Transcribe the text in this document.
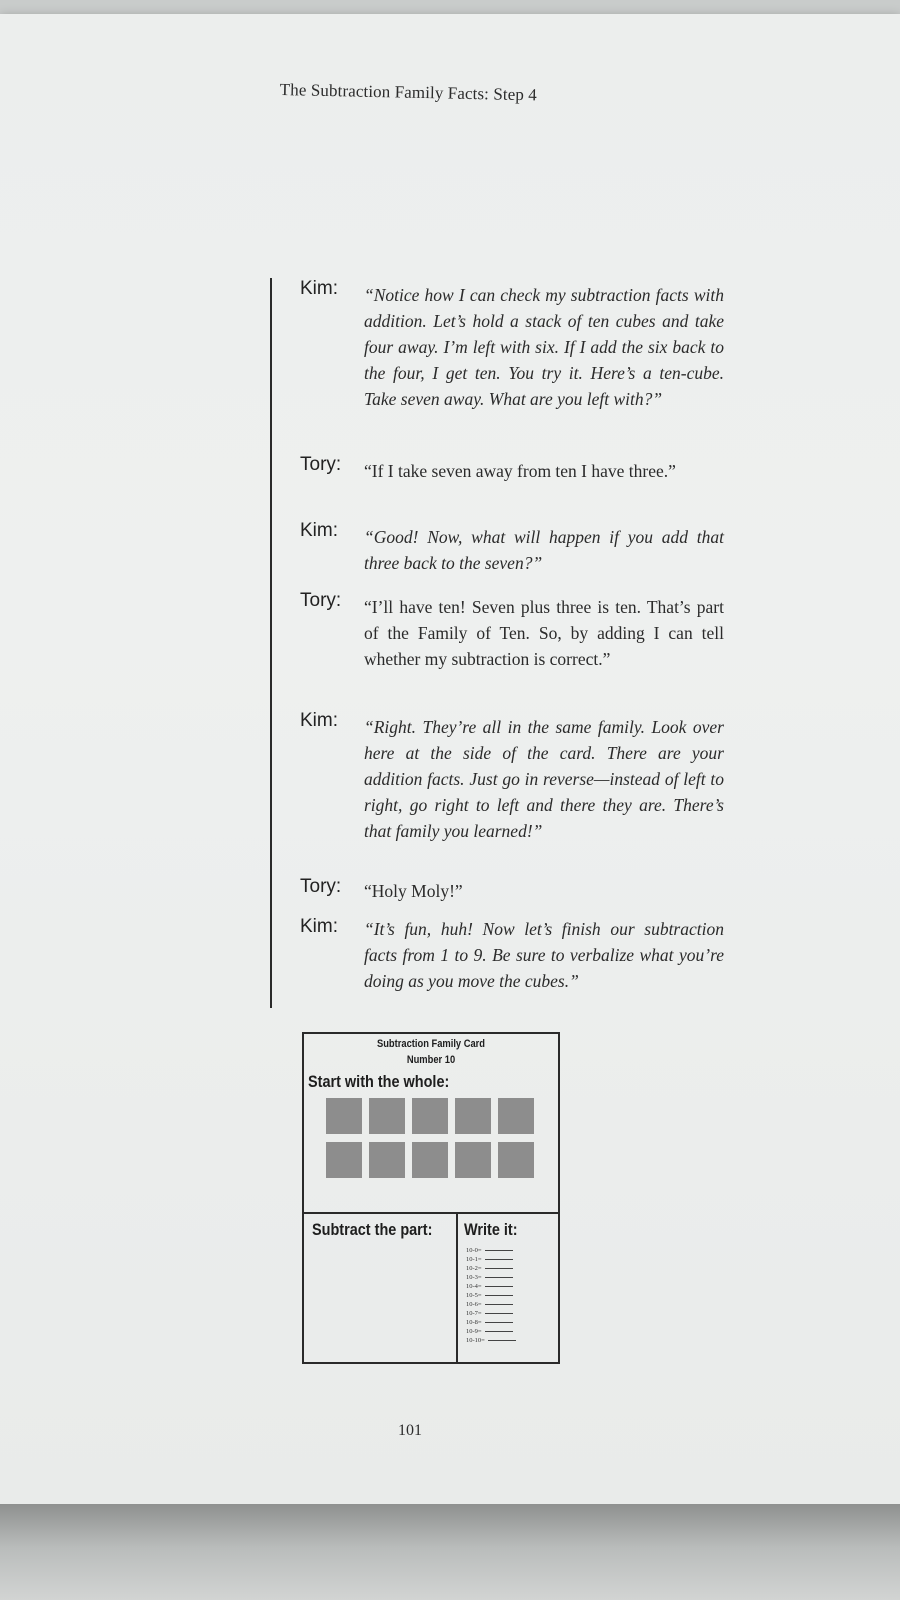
The Subtraction Family Facts: Step 4
Kim: “Notice how I can check my subtraction facts with addition. Let’s hold a stack of ten cubes and take four away. I’m left with six. If I add the six back to the four, I get ten. You try it. Here’s a ten-cube. Take seven away. What are you left with?”
Tory: “If I take seven away from ten I have three.”
Kim: “Good! Now, what will happen if you add that three back to the seven?”
Tory: “I’ll have ten! Seven plus three is ten. That’s part of the Family of Ten. So, by adding I can tell whether my subtraction is correct.”
Kim: “Right. They’re all in the same family. Look over here at the side of the card. There are your addition facts. Just go in reverse—instead of left to right, go right to left and there they are. There’s that family you learned!”
Tory: “Holy Moly!”
Kim: “It’s fun, huh! Now let’s finish our subtraction facts from 1 to 9. Be sure to verbalize what you’re doing as you move the cubes.”
Subtraction Family Card
Number 10
Start with the whole:
Subtract the part: Write it:
10-0=
10-1=
10-2=
10-3=
10-4=
10-5=
10-6=
10-7=
10-8=
10-9=
10-10=
101
